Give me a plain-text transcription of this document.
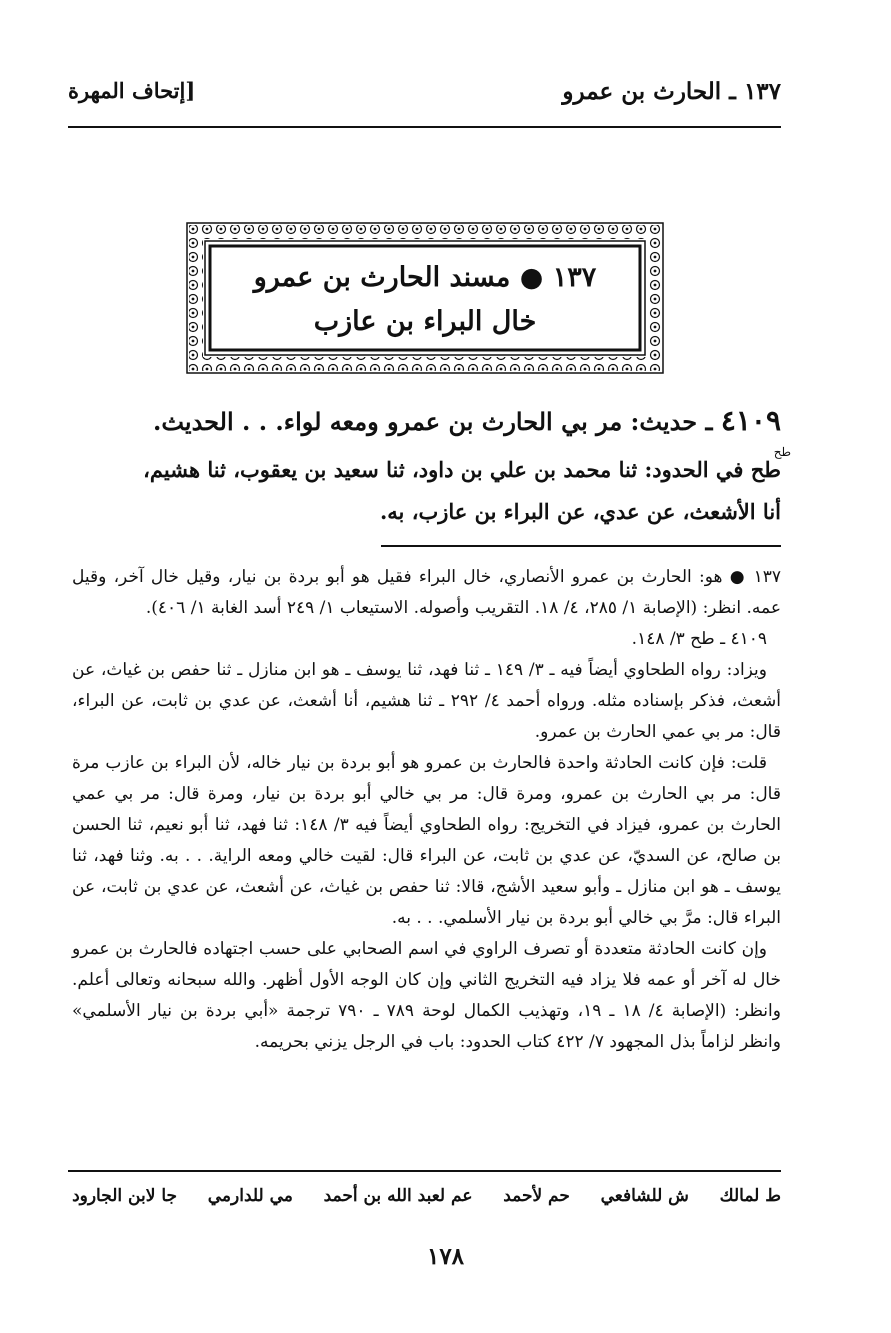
١٣٧ ـ الحارث بن عمرو
[إتحاف المهرة
١٣٧ ● مسند الحارث بن عمرو
خال البراء بن عازب
٤١٠٩ ـ حديث: مر بي الحارث بن عمرو ومعه لواء. . . الحديث.
طح
طح في الحدود: ثنا محمد بن علي بن داود، ثنا سعيد بن يعقوب، ثنا هشيم،
أنا الأشعث، عن عدي، عن البراء بن عازب، به.

١٣٧ ● هو: الحارث بن عمرو الأنصاري، خال البراء فقيل هو أبو بردة بن نيار، وقيل خال آخر، وقيل عمه. انظر: (الإصابة ١/ ٢٨٥، ٤/ ١٨. التقريب وأصوله. الاستيعاب ١/ ٢٤٩ أسد الغابة ١/ ٤٠٦).

٤١٠٩ ـ طح ٣/ ١٤٨.

ويزاد: رواه الطحاوي أيضاً فيه ـ ٣/ ١٤٩ ـ ثنا فهد، ثنا يوسف ـ هو ابن منازل ـ ثنا حفص بن غياث، عن أشعث، فذكر بإسناده مثله. ورواه أحمد ٤/ ٢٩٢ ـ ثنا هشيم، أنا أشعث، عن عدي بن ثابت، عن البراء، قال: مر بي عمي الحارث بن عمرو.

قلت: فإن كانت الحادثة واحدة فالحارث بن عمرو هو أبو بردة بن نيار خاله، لأن البراء بن عازب مرة قال: مر بي الحارث بن عمرو، ومرة قال: مر بي خالي أبو بردة بن نيار، ومرة قال: مر بي عمي الحارث بن عمرو، فيزاد في التخريج: رواه الطحاوي أيضاً فيه ٣/ ١٤٨: ثنا فهد، ثنا أبو نعيم، ثنا الحسن بن صالح، عن السديّ، عن عدي بن ثابت، عن البراء قال: لقيت خالي ومعه الراية. . . به. وثنا فهد، ثنا يوسف ـ هو ابن منازل ـ وأبو سعيد الأشج، قالا: ثنا حفص بن غياث، عن أشعث، عن عدي بن ثابت، عن البراء قال: مرَّ بي خالي أبو بردة بن نيار الأسلمي. . . به.

وإن كانت الحادثة متعددة أو تصرف الراوي في اسم الصحابي على حسب اجتهاده فالحارث بن عمرو خال له آخر أو عمه فلا يزاد فيه التخريج الثاني وإن كان الوجه الأول أظهر. والله سبحانه وتعالى أعلم. وانظر: (الإصابة ٤/ ١٨ ـ ١٩، وتهذيب الكمال لوحة ٧٨٩ ـ ٧٩٠ ترجمة «أبي بردة بن نيار الأسلمي» وانظر لزاماً بذل المجهود ٧/ ٤٢٢ كتاب الحدود: باب في الرجل يزني بحريمه.

ط لمالك
ش للشافعي
حم لأحمد
عم لعبد الله بن أحمد
مي للدارمي
جا لابن الجارود
١٧٨
